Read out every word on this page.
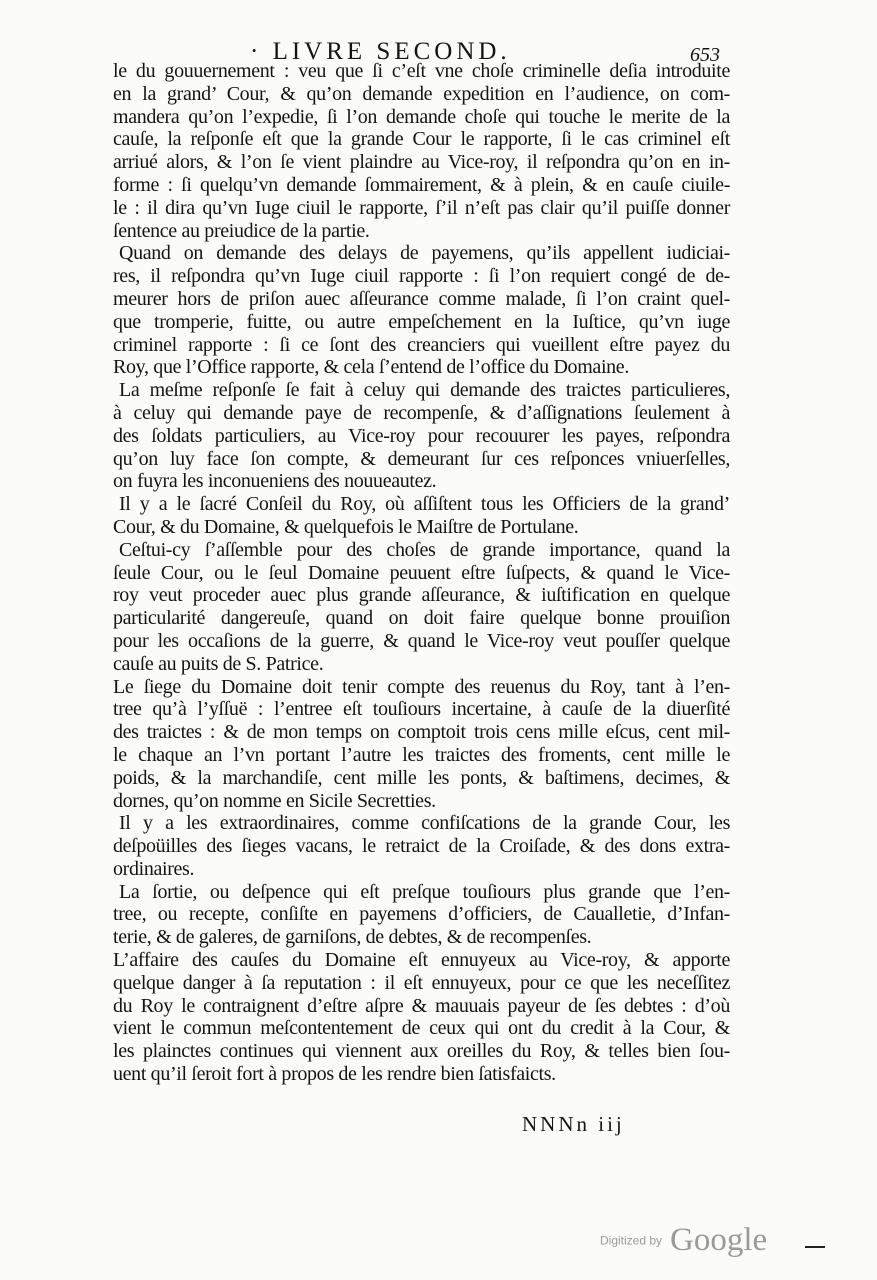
· LIVRE SECOND.	653
le du gouuernement : veu que ſi c’eſt vne choſe criminelle deſia introduite
en la grand’ Cour, & qu’on demande expedition en l’audience, on com-
mandera qu’on l’expedie, ſi l’on demande choſe qui touche le merite de la
cauſe, la reſponſe eſt que la grande Cour le rapporte, ſi le cas criminel eſt
arriué alors, & l’on ſe vient plaindre au Vice-roy, il reſpondra qu’on en in-
forme : ſi quelqu’vn demande ſommairement, & à plein, & en cauſe ciuile-
le : il dira qu’vn Iuge ciuil le rapporte, ſ’il n’eſt pas clair qu’il puiſſe donner
ſentence au preiudice de la partie.
Quand on demande des delays de payemens, qu’ils appellent iudiciai-
res, il reſpondra qu’vn Iuge ciuil rapporte : ſi l’on requiert congé de de-
meurer hors de priſon auec aſſeurance comme malade, ſi l’on craint quel-
que tromperie, fuitte, ou autre empeſchement en la Iuſtice, qu’vn iuge
criminel rapporte : ſi ce ſont des creanciers qui vueillent eſtre payez du
Roy, que l’Office rapporte, & cela ſ’entend de l’office du Domaine.
La meſme reſponſe ſe fait à celuy qui demande des traictes particulieres,
à celuy qui demande paye de recompenſe, & d’aſſignations ſeulement à
des ſoldats particuliers, au Vice-roy pour recouurer les payes, reſpondra
qu’on luy face ſon compte, & demeurant ſur ces reſponces vniuerſelles,
on fuyra les inconueniens des nouueautez.
Il y a le ſacré Conſeil du Roy, où aſſiſtent tous les Officiers de la grand’
Cour, & du Domaine, & quelquefois le Maiſtre de Portulane.
Ceſtui-cy ſ’aſſemble pour des choſes de grande importance, quand la
ſeule Cour, ou le ſeul Domaine peuuent eſtre ſuſpects, & quand le Vice-
roy veut proceder auec plus grande aſſeurance, & iuſtification en quelque
particularité dangereuſe, quand on doit faire quelque bonne prouiſion
pour les occaſions de la guerre, & quand le Vice-roy veut pouſſer quelque
cauſe au puits de S. Patrice.
Le ſiege du Domaine doit tenir compte des reuenus du Roy, tant à l’en-
tree qu’à l’yſſuë : l’entree eſt touſiours incertaine, à cauſe de la diuerſité
des traictes : & de mon temps on comptoit trois cens mille eſcus, cent mil-
le chaque an l’vn portant l’autre les traictes des froments, cent mille le
poids, & la marchandiſe, cent mille les ponts, & baſtimens, decimes, &
dornes, qu’on nomme en Sicile Secretties.
Il y a les extraordinaires, comme confiſcations de la grande Cour, les
deſpoüilles des ſieges vacans, le retraict de la Croiſade, & des dons extra-
ordinaires.
La ſortie, ou deſpence qui eſt preſque touſiours plus grande que l’en-
tree, ou recepte, conſiſte en payemens d’officiers, de Caualletie, d’Infan-
terie, & de galeres, de garniſons, de debtes, & de recompenſes.
L’affaire des cauſes du Domaine eſt ennuyeux au Vice-roy, & apporte
quelque danger à ſa reputation : il eſt ennuyeux, pour ce que les neceſſitez
du Roy le contraignent d’eſtre aſpre & mauuais payeur de ſes debtes : d’où
vient le commun meſcontentement de ceux qui ont du credit à la Cour, &
les plainctes continues qui viennent aux oreilles du Roy, & telles bien ſou-
uent qu’il ſeroit fort à propos de les rendre bien ſatisfaicts.
NNNn iij
Digitized by Google
